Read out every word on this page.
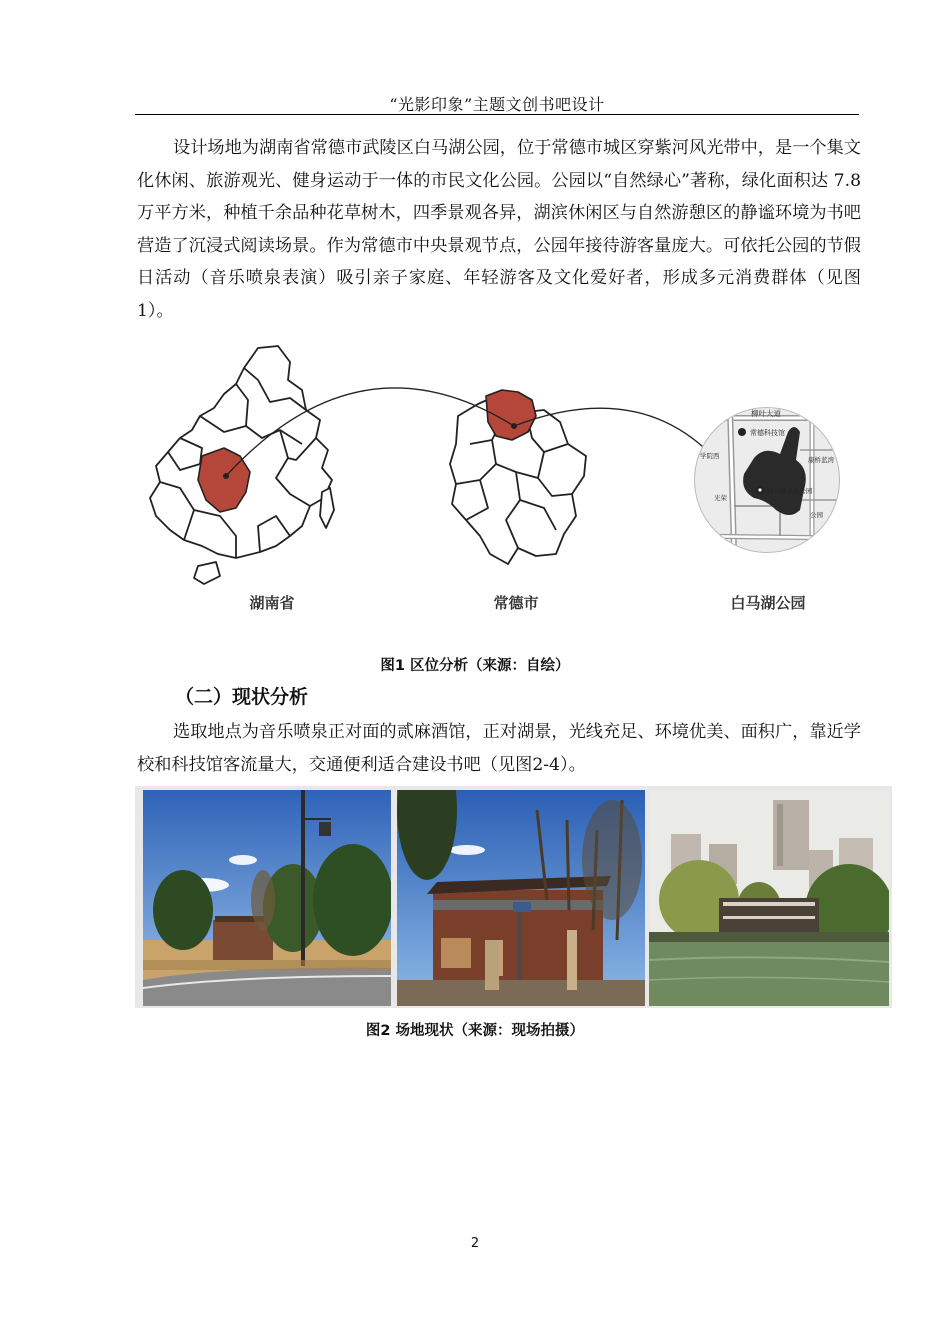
“光影印象”主题文创书吧设计

设计场地为湖南省常德市武陵区白马湖公园，位于常德市城区穿紫河风光带中，是一个集文化休闲、旅游观光、健身运动于一体的市民文化公园。公园以“自然绿心”著称，绿化面积达 7.8 万平方米，种植千余品种花草树木，四季景观各异，湖滨休闲区与自然游憩区的静谧环境为书吧营造了沉浸式阅读场景。作为常德市中央景观节点，公园年接待游客量庞大。可依托公园的节假日活动（音乐喷泉表演）吸引亲子家庭、年轻游客及文化爱好者，形成多元消费群体（见图1）。

柳叶大道
常德科技馆
学院西	康桥蓝湾
白马湖文化公园
公园
光荣
湖南省	常德市	白马湖公园
图1 区位分析（来源：自绘）
（二）现状分析

选取地点为音乐喷泉正对面的贰麻酒馆，正对湖景，光线充足、环境优美、面积广，靠近学校和科技馆客流量大，交通便利适合建设书吧（见图2-4）。

图2 场地现状（来源：现场拍摄）
2
